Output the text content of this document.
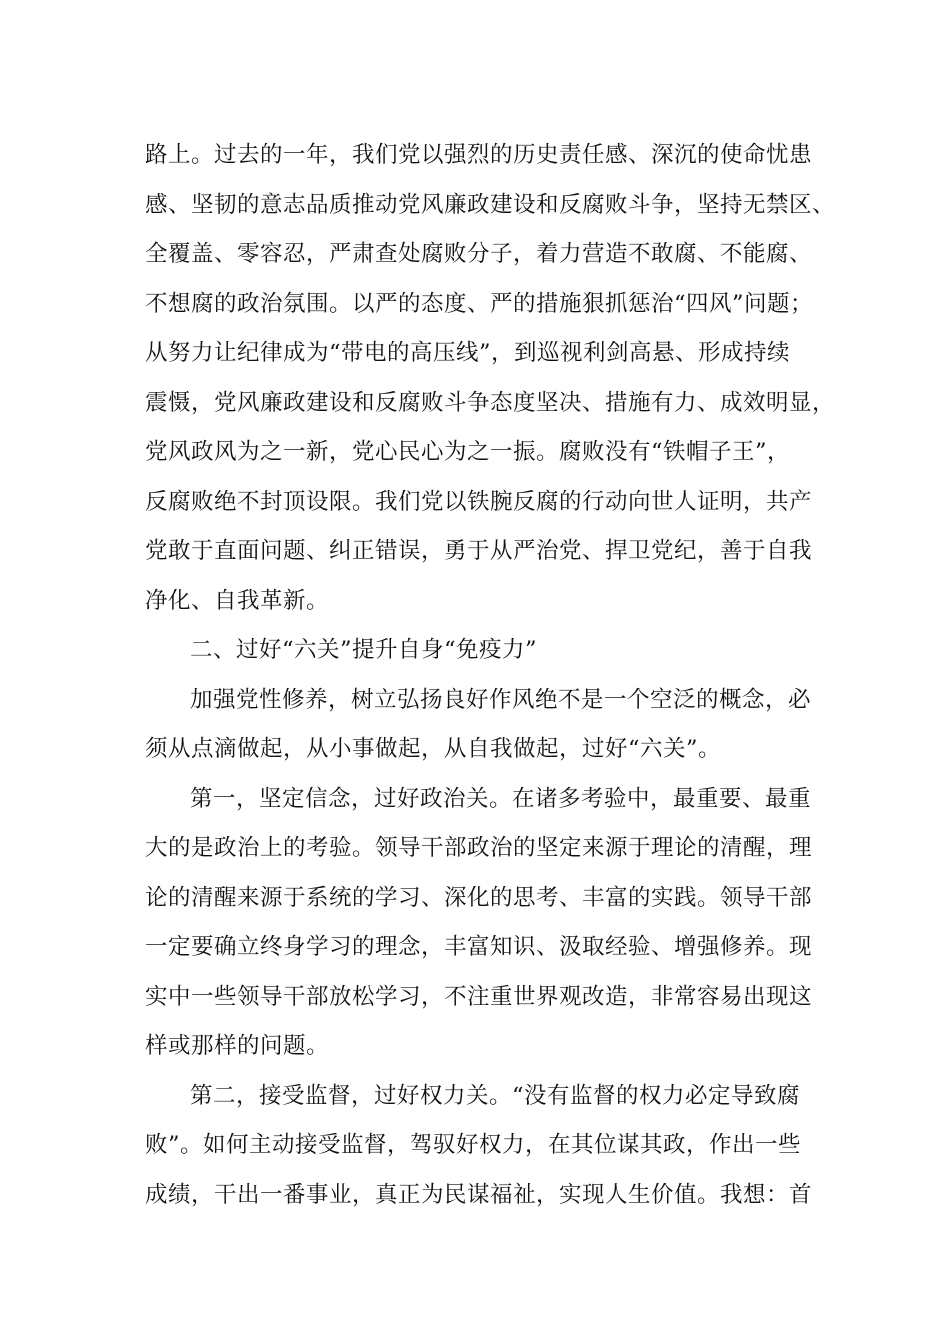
路上。过去的一年，我们党以强烈的历史责任感、深沉的使命忧患
感、坚韧的意志品质推动党风廉政建设和反腐败斗争，坚持无禁区、
全覆盖、零容忍，严肃查处腐败分子，着力营造不敢腐、不能腐、
不想腐的政治氛围。以严的态度、严的措施狠抓惩治“四风”问题；
从努力让纪律成为“带电的高压线”，到巡视利剑高悬、形成持续
震慑，党风廉政建设和反腐败斗争态度坚决、措施有力、成效明显，
党风政风为之一新，党心民心为之一振。腐败没有“铁帽子王”，
反腐败绝不封顶设限。我们党以铁腕反腐的行动向世人证明，共产
党敢于直面问题、纠正错误，勇于从严治党、捍卫党纪，善于自我
净化、自我革新。
二、过好“六关”提升自身“免疫力”
加强党性修养，树立弘扬良好作风绝不是一个空泛的概念，必
须从点滴做起，从小事做起，从自我做起，过好“六关”。
第一，坚定信念，过好政治关。在诸多考验中，最重要、最重
大的是政治上的考验。领导干部政治的坚定来源于理论的清醒，理
论的清醒来源于系统的学习、深化的思考、丰富的实践。领导干部
一定要确立终身学习的理念，丰富知识、汲取经验、增强修养。现
实中一些领导干部放松学习，不注重世界观改造，非常容易出现这
样或那样的问题。
第二，接受监督，过好权力关。“没有监督的权力必定导致腐
败”。如何主动接受监督，驾驭好权力，在其位谋其政，作出一些
成绩，干出一番事业，真正为民谋福祉，实现人生价值。我想：首
